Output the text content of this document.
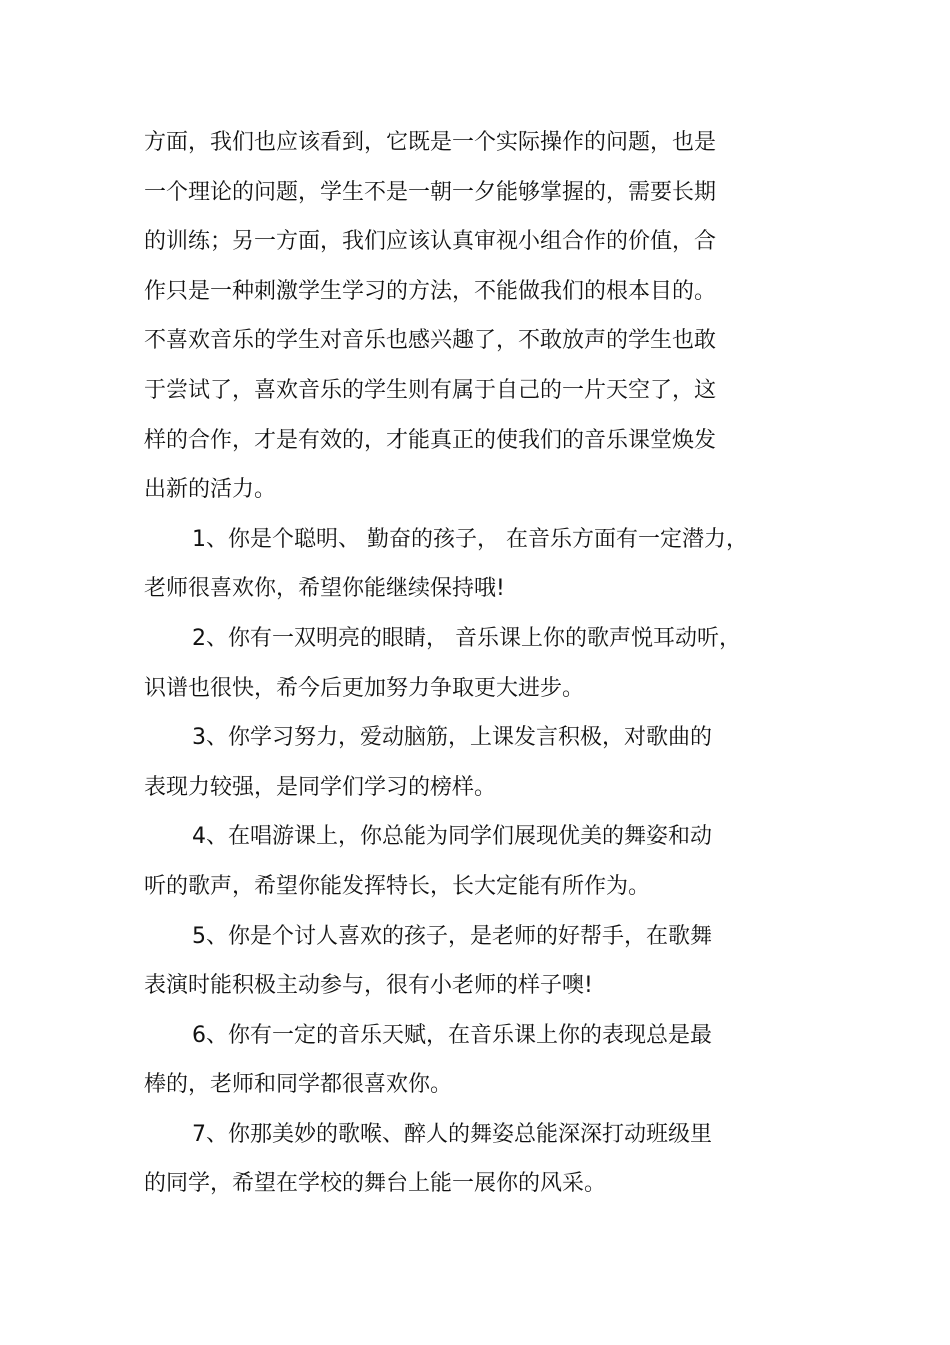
方面，我们也应该看到，它既是一个实际操作的问题，也是
一个理论的问题，学生不是一朝一夕能够掌握的，需要长期
的训练；另一方面，我们应该认真审视小组合作的价值，合
作只是一种刺激学生学习的方法，不能做我们的根本目的。
不喜欢音乐的学生对音乐也感兴趣了，不敢放声的学生也敢
于尝试了，喜欢音乐的学生则有属于自己的一片天空了，这
样的合作，才是有效的，才能真正的使我们的音乐课堂焕发
出新的活力。
1、你是个聪明、 勤奋的孩子， 在音乐方面有一定潜力，
老师很喜欢你，希望你能继续保持哦!
2、你有一双明亮的眼睛， 音乐课上你的歌声悦耳动听，
识谱也很快，希今后更加努力争取更大进步。
3、你学习努力，爱动脑筋，上课发言积极，对歌曲的
表现力较强，是同学们学习的榜样。
4、在唱游课上，你总能为同学们展现优美的舞姿和动
听的歌声，希望你能发挥特长，长大定能有所作为。
5、你是个讨人喜欢的孩子，是老师的好帮手，在歌舞
表演时能积极主动参与，很有小老师的样子噢!
6、你有一定的音乐天赋，在音乐课上你的表现总是最
棒的，老师和同学都很喜欢你。
7、你那美妙的歌喉、醉人的舞姿总能深深打动班级里
的同学，希望在学校的舞台上能一展你的风采。
